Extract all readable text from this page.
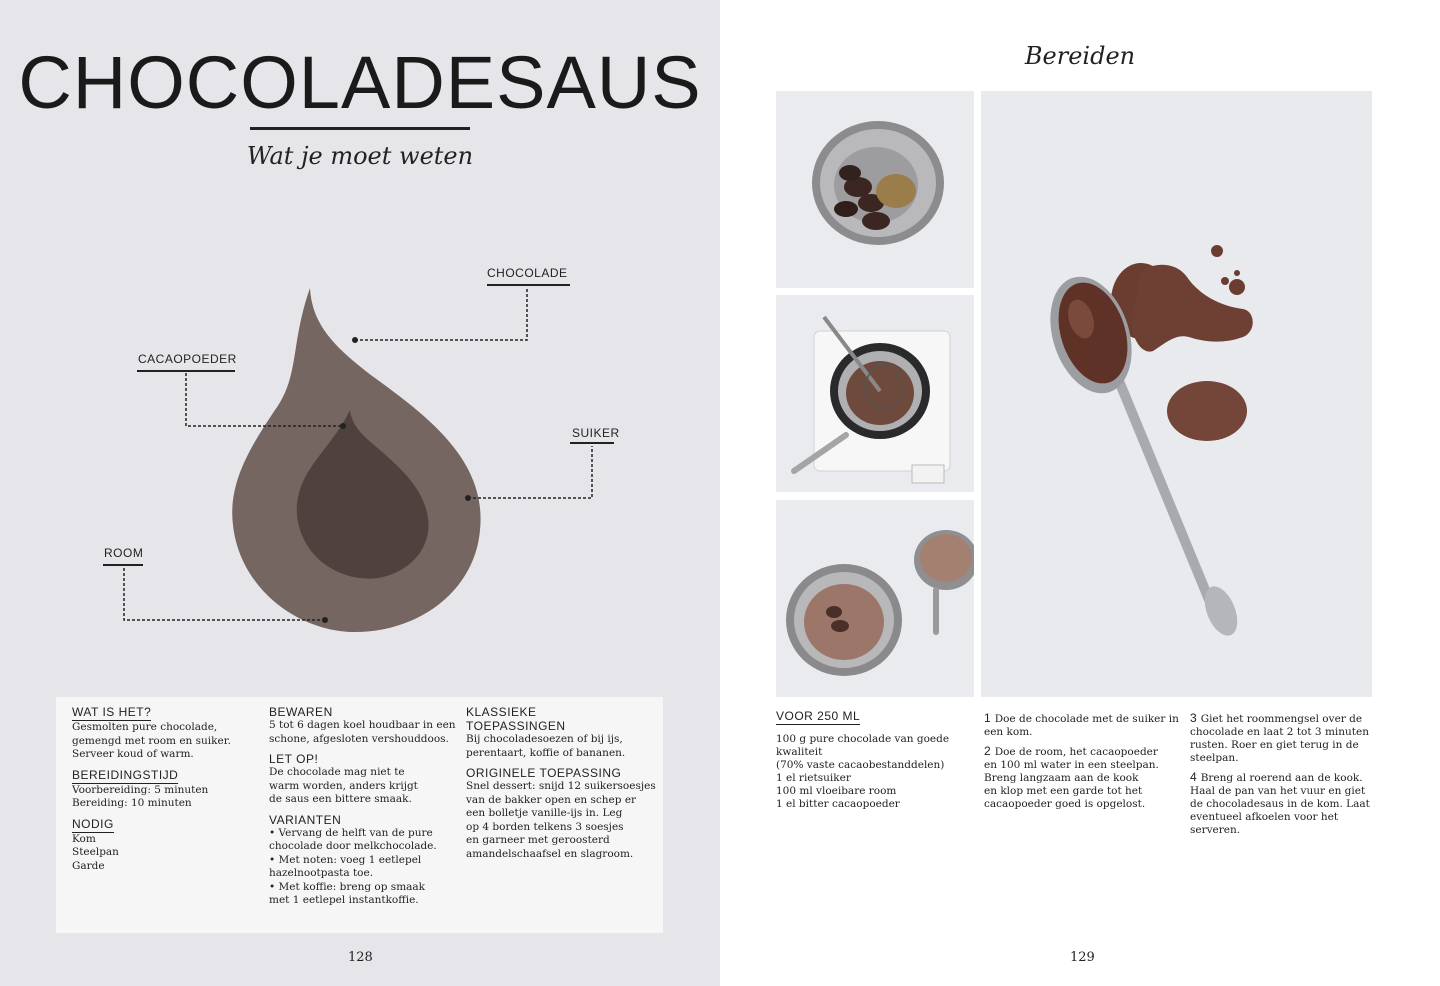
CHOCOLADESAUS
Wat je moet weten
CHOCOLADE
CACAOPOEDER
SUIKER
ROOM
WAT IS HET?

Gesmolten pure chocolade,
gemengd met room en suiker.
Serveer koud of warm.

BEREIDINGSTIJD

Voorbereiding: 5 minuten
Bereiding: 10 minuten

NODIG

Kom
Steelpan
Garde

BEWAREN

5 tot 6 dagen koel houdbaar in een
schone, afgesloten vershouddoos.

LET OP!

De chocolade mag niet te
warm worden, anders krijgt
de saus een bittere smaak.

VARIANTEN

• Vervang de helft van de pure
chocolade door melkchocolade.
• Met noten: voeg 1 eetlepel
hazelnootpasta toe.
• Met koffie: breng op smaak
met 1 eetlepel instantkoffie.

KLASSIEKE
TOEPASSINGEN

Bij chocoladesoezen of bij ijs,
perentaart, koffie of bananen.

ORIGINELE TOEPASSING

Snel dessert: snijd 12 suikersoesjes
van de bakker open en schep er
een bolletje vanille-ijs in. Leg
op 4 borden telkens 3 soesjes
en garneer met geroosterd
amandelschaafsel en slagroom.

128
Bereiden
VOOR 250 ML
100 g pure chocolade van goede kwaliteit
(70% vaste cacaobestanddelen)
1 el rietsuiker
100 ml vloeibare room
1 el bitter cacaopoeder
1 Doe de chocolade met de suiker in
een kom.
2 Doe de room, het cacaopoeder
en 100 ml water in een steelpan.
Breng langzaam aan de kook
en klop met een garde tot het
cacaopoeder goed is opgelost.
3 Giet het roommengsel over de
chocolade en laat 2 tot 3 minuten
rusten. Roer en giet terug in de steelpan.
4 Breng al roerend aan de kook.
Haal de pan van het vuur en giet
de chocoladesaus in de kom. Laat
eventueel afkoelen voor het serveren.
129
